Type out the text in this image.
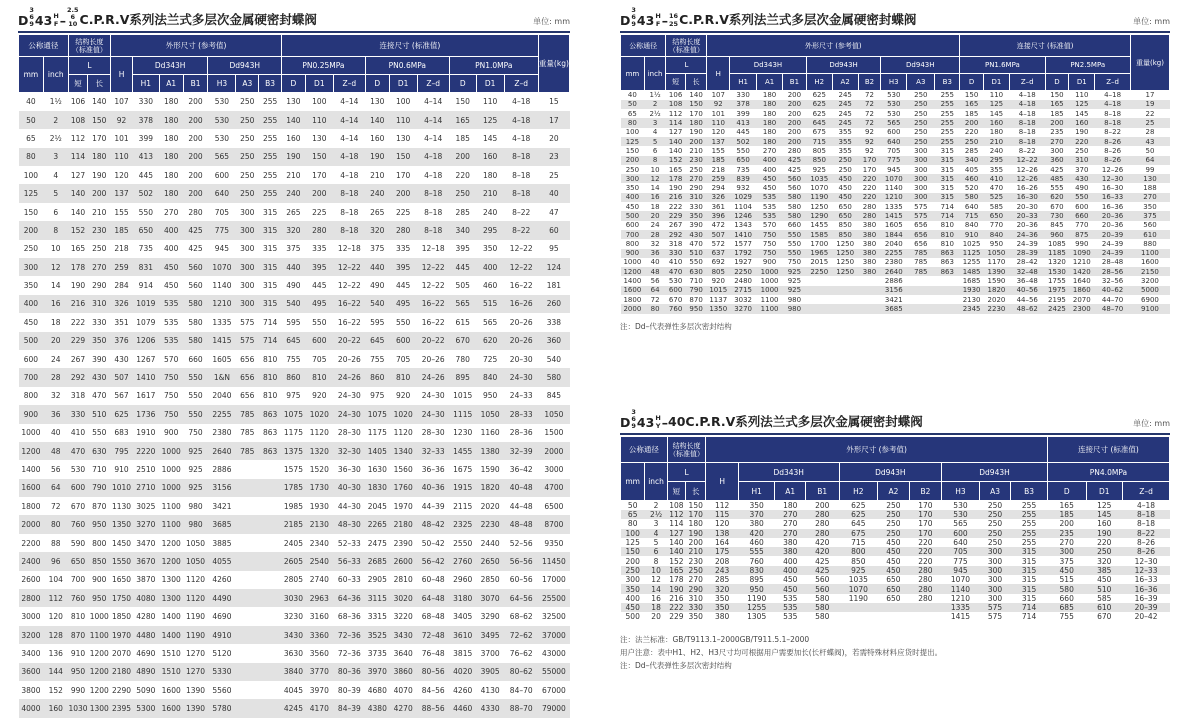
D
3
6
9 43 H
F –
2.5
6
10 C.P.R.V系列法兰式多层次金属硬密封蝶阀	单位: mm
公称通径		结构长度（标准值）		外形尺寸 (参考值)							连接尺寸 (标准值)									重量(kg)
mm	inch	L		H	Dd343H			Dd943H			PN0.25MPa			PN0.6MPa			PN1.0MPa			
		短	长		H1	A1	B1	H3	A3	B3	D	D1	Z–d	D	D1	Z–d	D	D1	Z–d	
40	1½	106	140	107	330	180	200	530	250	255	130	100	4–14	130	100	4–14	150	110	4–18	15
50	2	108	150	92	378	180	200	530	250	255	140	110	4–14	140	110	4–14	165	125	4–18	17
65	2½	112	170	101	399	180	200	530	250	255	160	130	4–14	160	130	4–14	185	145	4–18	20
80	3	114	180	110	413	180	200	565	250	255	190	150	4–18	190	150	4–18	200	160	8–18	23
100	4	127	190	120	445	180	200	600	250	255	210	170	4–18	210	170	4–18	220	180	8–18	25
125	5	140	200	137	502	180	200	640	250	255	240	200	8–18	240	200	8–18	250	210	8–18	40
150	6	140	210	155	550	270	280	705	300	315	265	225	8–18	265	225	8–18	285	240	8–22	47
200	8	152	230	185	650	400	425	775	300	315	320	280	8–18	320	280	8–18	340	295	8–22	60
250	10	165	250	218	735	400	425	945	300	315	375	335	12–18	375	335	12–18	395	350	12–22	95
300	12	178	270	259	831	450	560	1070	300	315	440	395	12–22	440	395	12–22	445	400	12–22	124
350	14	190	290	284	914	450	560	1140	300	315	490	445	12–22	490	445	12–22	505	460	16–22	181
400	16	216	310	326	1019	535	580	1210	300	315	540	495	16–22	540	495	16–22	565	515	16–26	260
450	18	222	330	351	1079	535	580	1335	575	714	595	550	16–22	595	550	16–22	615	565	20–26	338
500	20	229	350	376	1206	535	580	1415	575	714	645	600	20–22	645	600	20–22	670	620	20–26	360
600	24	267	390	430	1267	570	660	1605	656	810	755	705	20–26	755	705	20–26	780	725	20–30	540
700	28	292	430	507	1410	750	550	1&N	656	810	860	810	24–26	860	810	24–26	895	840	24–30	580
800	32	318	470	567	1617	750	550	2040	656	810	975	920	24–30	975	920	24–30	1015	950	24–33	845
900	36	330	510	625	1736	750	550	2255	785	863	1075	1020	24–30	1075	1020	24–30	1115	1050	28–33	1050
1000	40	410	550	683	1910	900	750	2380	785	863	1175	1120	28–30	1175	1120	28–30	1230	1160	28–36	1500
1200	48	470	630	795	2220	1000	925	2640	785	863	1375	1320	32–30	1405	1340	32–33	1455	1380	32–39	2000
1400	56	530	710	910	2510	1000	925	2886			1575	1520	36–30	1630	1560	36–36	1675	1590	36–42	3000
1600	64	600	790	1010	2710	1000	925	3156			1785	1730	40–30	1830	1760	40–36	1915	1820	40–48	4700
1800	72	670	870	1130	3025	1100	980	3421			1985	1930	44–30	2045	1970	44–39	2115	2020	44–48	6500
2000	80	760	950	1350	3270	1100	980	3685			2185	2130	48–30	2265	2180	48–42	2325	2230	48–48	8700
2200	88	590	800	1450	3470	1200	1050	3885			2405	2340	52–33	2475	2390	50–42	2550	2440	52–56	9350
2400	96	650	850	1550	3670	1200	1050	4055			2605	2540	56–33	2685	2600	56–42	2760	2650	56–56	11450
2600	104	700	900	1650	3870	1300	1120	4260			2805	2740	60–33	2905	2810	60–48	2960	2850	60–56	17000
2800	112	760	950	1750	4080	1300	1120	4490			3030	2963	64–36	3115	3020	64–48	3180	3070	64–56	25500
3000	120	810	1000	1850	4280	1400	1190	4690			3230	3160	68–36	3315	3220	68–48	3405	3290	68–62	32500
3200	128	870	1100	1970	4480	1400	1190	4910			3430	3360	72–36	3525	3430	72–48	3610	3495	72–62	37000
3400	136	910	1200	2070	4690	1510	1270	5120			3630	3560	72–36	3735	3640	76–48	3815	3700	76–62	43000
3600	144	950	1200	2180	4890	1510	1270	5330			3840	3770	80–36	3970	3860	80–56	4020	3905	80–62	55000
3800	152	990	1200	2290	5090	1600	1390	5560			4045	3970	80–39	4680	4070	84–56	4260	4130	84–70	67000
4000	160	1030	1300	2395	5300	1600	1390	5780			4245	4170	84–39	4380	4270	88–56	4460	4330	88–70	79000
D
3
6
9 43 H
F – 16
25 C.P.R.V系列法兰式多层次金属硬密封蝶阀	单位: mm
公称通径		结构长度（标准值）		外形尺寸 (参考值)										连接尺寸 (标准值)						重量(kg)
mm	inch	L		H	Dd343H			Dd943H			Dd943H			PN1.6MPa			PN2.5MPa			
		短	长		H1	A1	B1	H2	A2	B2	H3	A3	B3	D	D1	Z–d	D	D1	Z–d	
40	1½	106	140	107	330	180	200	625	245	72	530	250	255	150	110	4–18	150	110	4–18	17
50	2	108	150	92	378	180	200	625	245	72	530	250	255	165	125	4–18	165	125	4–18	19
65	2½	112	170	101	399	180	200	625	245	72	530	250	255	185	145	4–18	185	145	8–18	22
80	3	114	180	110	413	180	200	645	245	72	565	250	255	200	160	8–18	200	160	8–18	25
100	4	127	190	120	445	180	200	675	355	92	600	250	255	220	180	8–18	235	190	8–22	28
125	5	140	200	137	502	180	200	715	355	92	640	250	255	250	210	8–18	270	220	8–26	43
150	6	140	210	155	550	270	280	805	355	92	705	300	315	285	240	8–22	300	250	8–26	50
200	8	152	230	185	650	400	425	850	250	170	775	300	315	340	295	12–22	360	310	8–26	64
250	10	165	250	218	735	400	425	925	250	170	945	300	315	405	355	12–26	425	370	12–26	99
300	12	178	270	259	839	450	560	1035	450	220	1070	300	315	460	410	12–26	485	430	12–30	130
350	14	190	290	294	932	450	560	1070	450	220	1140	300	315	520	470	16–26	555	490	16–30	188
400	16	216	310	326	1029	535	580	1190	450	220	1210	300	315	580	525	16–30	620	550	16–33	270
450	18	222	330	361	1104	535	580	1250	650	280	1335	575	714	640	585	20–30	670	600	16–36	350
500	20	229	350	396	1246	535	580	1290	650	280	1415	575	714	715	650	20–33	730	660	20–36	375
600	24	267	390	472	1343	570	660	1455	850	380	1605	656	810	840	770	20–36	845	770	20–36	560
700	28	292	430	507	1410	750	550	1585	850	380	1844	656	810	910	840	24–36	960	875	20–39	610
800	32	318	470	572	1577	750	550	1700	1250	380	2040	656	810	1025	950	24–39	1085	990	24–39	880
900	36	330	510	637	1792	750	550	1965	1250	380	2255	785	863	1125	1050	28–39	1185	1090	24–39	1100
1000	40	410	550	692	1927	900	750	2015	1250	380	2380	785	863	1255	1170	28–42	1320	1210	28–48	1600
1200	48	470	630	805	2250	1000	925	2250	1250	380	2640	785	863	1485	1390	32–48	1530	1420	28–56	2150
1400	56	530	710	920	2480	1000	925				2886			1685	1590	36–48	1755	1640	32–56	3200
1600	64	600	790	1015	2715	1000	925				3156			1930	1820	40–56	1975	1860	40–62	5000
1800	72	670	870	1137	3032	1100	980				3421			2130	2020	44–56	2195	2070	44–70	6900
2000	80	760	950	1350	3270	1100	980				3685			2345	2230	48–62	2425	2300	48–70	9100
注：Dd–代表弹性多层次密封结构
D
3
6
9 43 H
Y – 40C.P.R.V系列法兰式多层次金属硬密封蝶阀	单位: mm
公称通径		结构长度（标准值）		外形尺寸 (参考值)										连接尺寸 (标准值)		
mm	inch	L		H	Dd343H			Dd943H			Dd943H			PN4.0MPa		
		短	长		H1	A1	B1	H2	A2	B2	H3	A3	B3	D	D1	Z–d
50	2	108	150	112	350	180	200	625	250	170	530	250	255	165	125	4–18
65	2½	112	170	115	370	270	280	625	250	170	530	250	255	185	145	8–18
80	3	114	180	120	380	270	280	645	250	170	565	250	255	200	160	8–18
100	4	127	190	138	420	270	280	675	250	170	600	250	255	235	190	8–22
125	5	140	200	164	460	380	420	715	450	220	640	250	255	270	220	8–26
150	6	140	210	175	555	380	420	800	450	220	705	300	315	300	250	8–26
200	8	152	230	208	760	400	425	850	450	220	775	300	315	375	320	12–30
250	10	165	250	243	830	400	425	925	450	280	945	300	315	450	385	12–33
300	12	178	270	285	895	450	560	1035	650	280	1070	300	315	515	450	16–33
350	14	190	290	320	950	450	560	1070	650	280	1140	300	315	580	510	16–36
400	16	216	310	350	1190	535	580	1190	650	280	1210	300	315	660	585	16–39
450	18	222	330	350	1255	535	580				1335	575	714	685	610	20–39
500	20	229	350	380	1305	535	580				1415	575	714	755	670	20–42
注：法兰标准：GB/T9113.1–2000GB/T911.5.1–2000
用户注意：表中H1、H2、H3尺寸均可根据用户需要加长(长杆蝶阀)，若需特殊材料应货时提出。
注：Dd–代表弹性多层次密封结构
